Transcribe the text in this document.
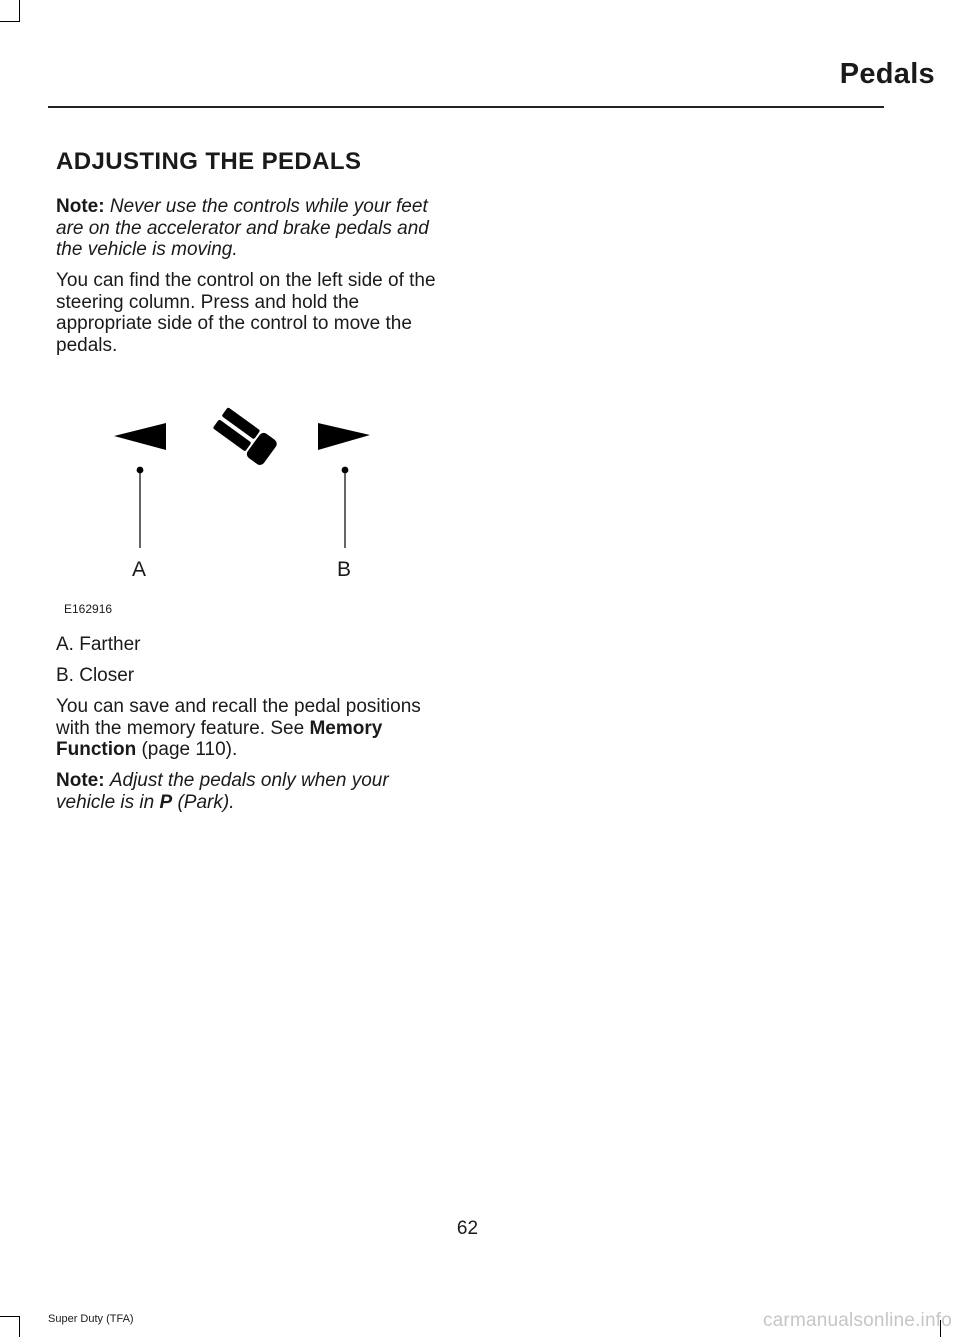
Pedals
ADJUSTING THE PEDALS

Note: Never use the controls while your feet are on the accelerator and brake pedals and the vehicle is moving.

You can find the control on the left side of the steering column. Press and hold the appropriate side of the control to move the pedals.

A	B
E162916

A. Farther

B. Closer

You can save and recall the pedal positions with the memory feature. See Memory Function (page 110).

Note: Adjust the pedals only when your vehicle is in P (Park).

62
Super Duty (TFA)	carmanualsonline.info
